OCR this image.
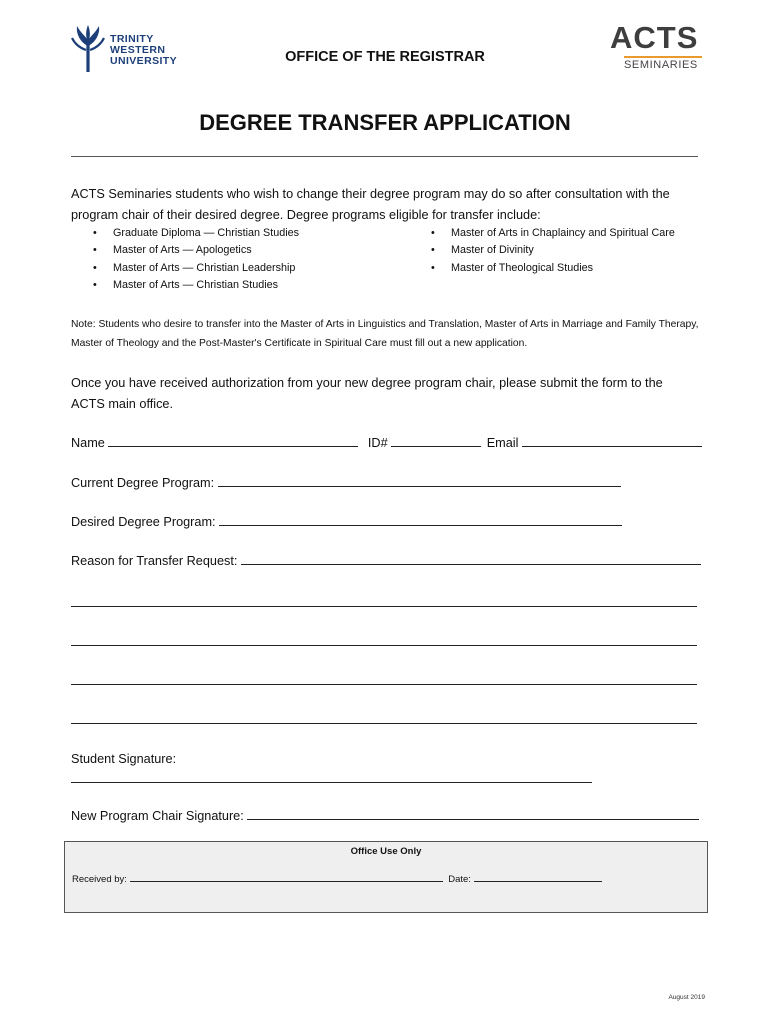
TRINITY
WESTERN
UNIVERSITY
ACTS
SEMINARIES
OFFICE OF THE REGISTRAR
DEGREE TRANSFER APPLICATION
ACTS Seminaries students who wish to change their degree program may do so after consultation with the program chair of their desired degree. Degree programs eligible for transfer include:
• Graduate Diploma — Christian Studies
• Master of Arts — Apologetics
• Master of Arts — Christian Leadership
• Master of Arts — Christian Studies
• Master of Arts in Chaplaincy and Spiritual Care
• Master of Divinity
• Master of Theological Studies
Note: Students who desire to transfer into the Master of Arts in Linguistics and Translation, Master of Arts in Marriage and Family Therapy, Master of Theology and the Post-Master's Certificate in Spiritual Care must fill out a new application.
Once you have received authorization from your new degree program chair, please submit the form to the ACTS main office.
Name	ID#	Email
Current Degree Program:
Desired Degree Program:
Reason for Transfer Request:
Student Signature:
New Program Chair Signature:
Office Use Only
Received by:	Date:
August 2019
